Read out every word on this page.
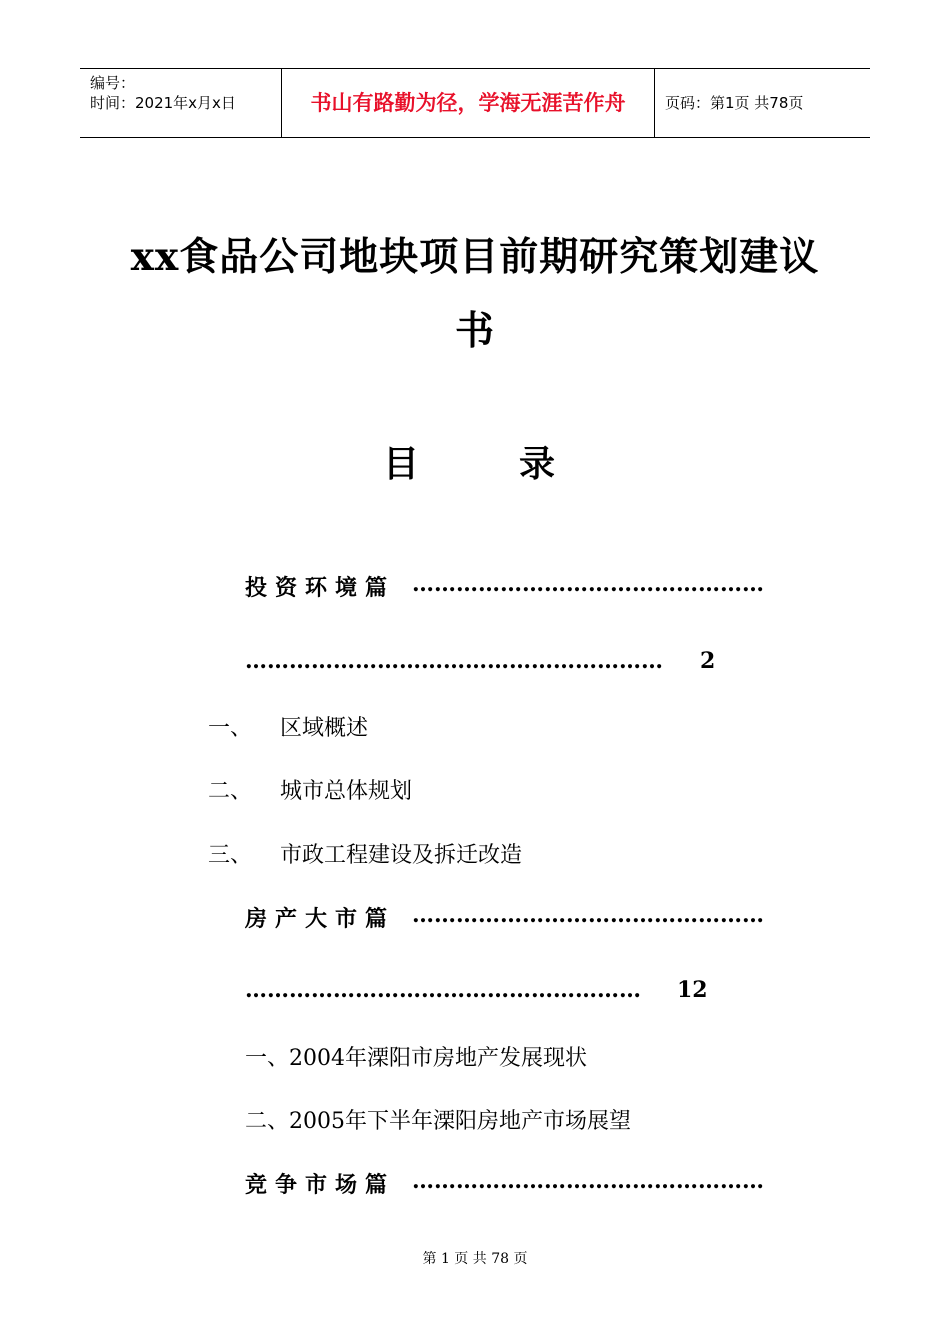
编号：
时间：2021年x月x日	书山有路勤为径，学海无涯苦作舟	页码：第1页 共78页
xx食品公司地块项目前期研究策划建议
书
目	录
投资环境篇 …………………………………………
…………………………………………………	2
一、 区域概述
二、 城市总体规划
三、 市政工程建设及拆迁改造
房产大市篇 …………………………………………
………………………………………………	12
一、2004年溧阳市房地产发展现状
二、2005年下半年溧阳房地产市场展望
竞争市场篇 …………………………………………
第 1 页 共 78 页
